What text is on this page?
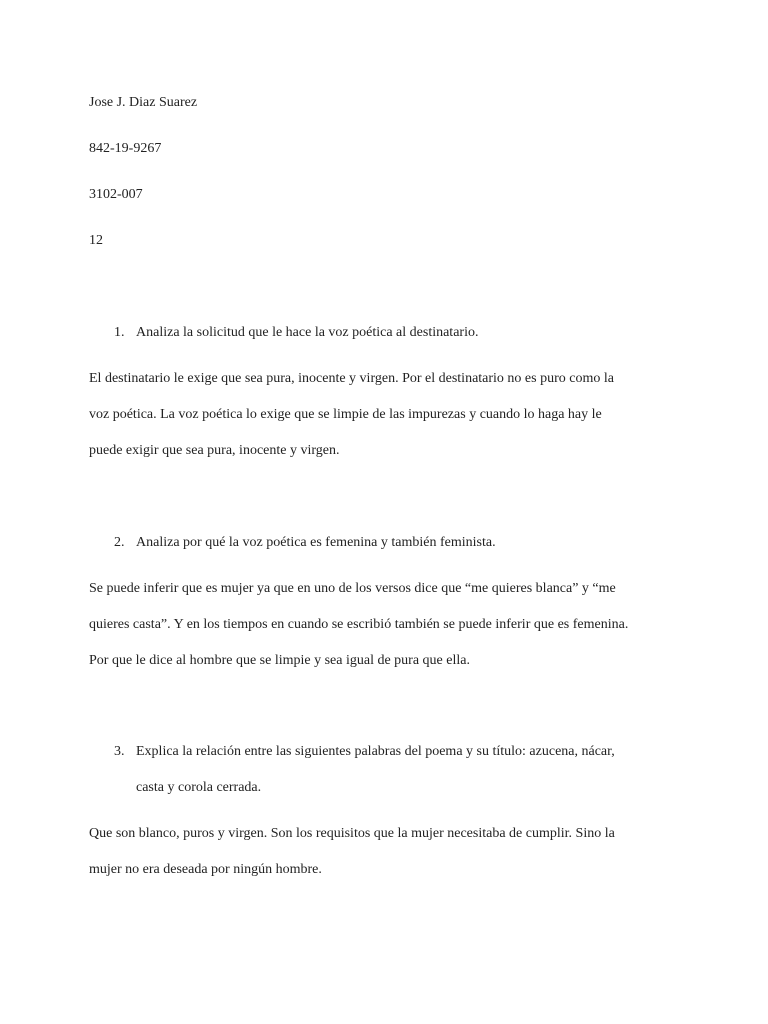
Jose J. Diaz Suarez
842-19-9267
3102-007
12
1. Analiza la solicitud que le hace la voz poética al destinatario.
El destinatario le exige que sea pura, inocente y virgen. Por el destinatario no es puro como la
voz poética. La voz poética lo exige que se limpie de las impurezas y cuando lo haga hay le
puede exigir que sea pura, inocente y virgen.
2. Analiza por qué la voz poética es femenina y también feminista.
Se puede inferir que es mujer ya que en uno de los versos dice que “me quieres blanca” y “me
quieres casta”. Y en los tiempos en cuando se escribió también se puede inferir que es femenina.
Por que le dice al hombre que se limpie y sea igual de pura que ella.
3. Explica la relación entre las siguientes palabras del poema y su título: azucena, nácar,
casta y corola cerrada.
Que son blanco, puros y virgen. Son los requisitos que la mujer necesitaba de cumplir. Sino la
mujer no era deseada por ningún hombre.
